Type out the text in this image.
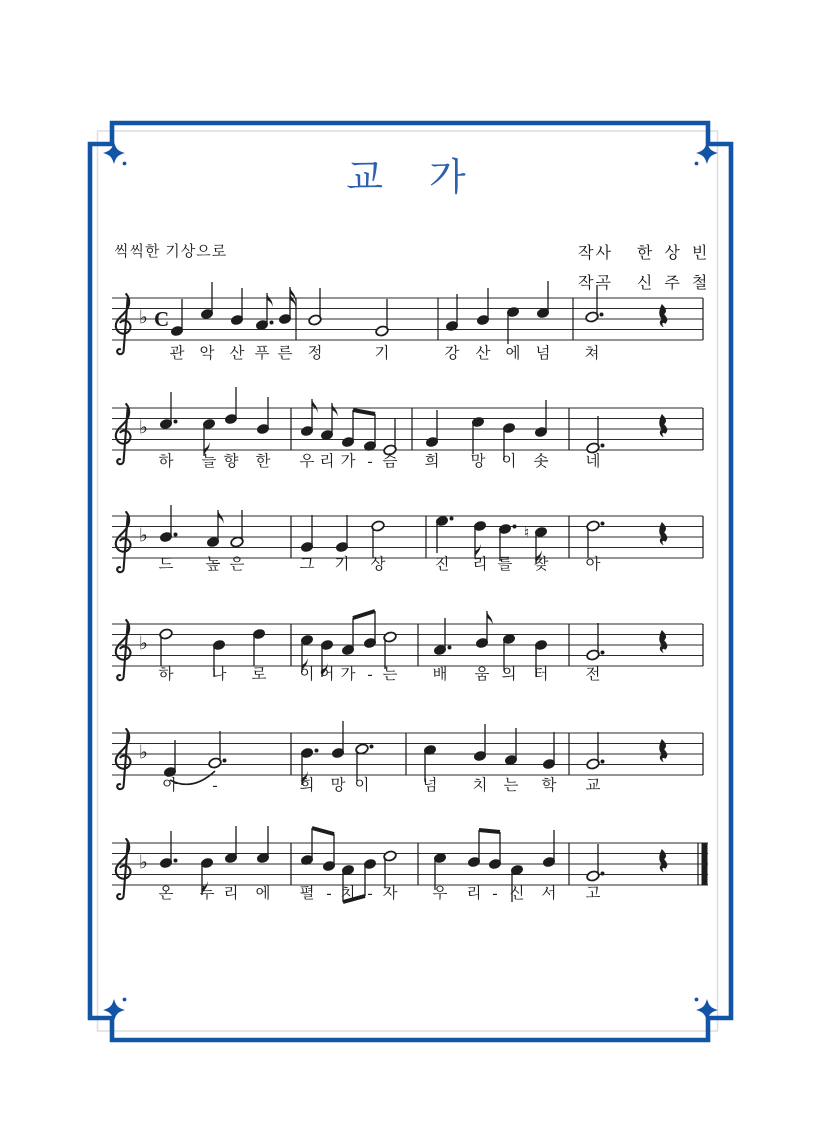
♭ C
♭
♭	♮
♭
♭
♭
교　가
씩씩한 기상으로	작사 한 상 빈
작곡 신 주 철
관 악 산 푸 른 정	기	강	산 에 넘	쳐
하	늘 향	한	우 리 가 - 슴	희	망	이	솟	네
드	높 은	그	기	상	진	리 를	찾	아
하	나	로	이 어 가 - 는	배	움 의	터	전
아	-	희	망 이	넘	치	는	학	교
온	누 리	에	펼 - 치 - 자	우	리 - 신	서	고
